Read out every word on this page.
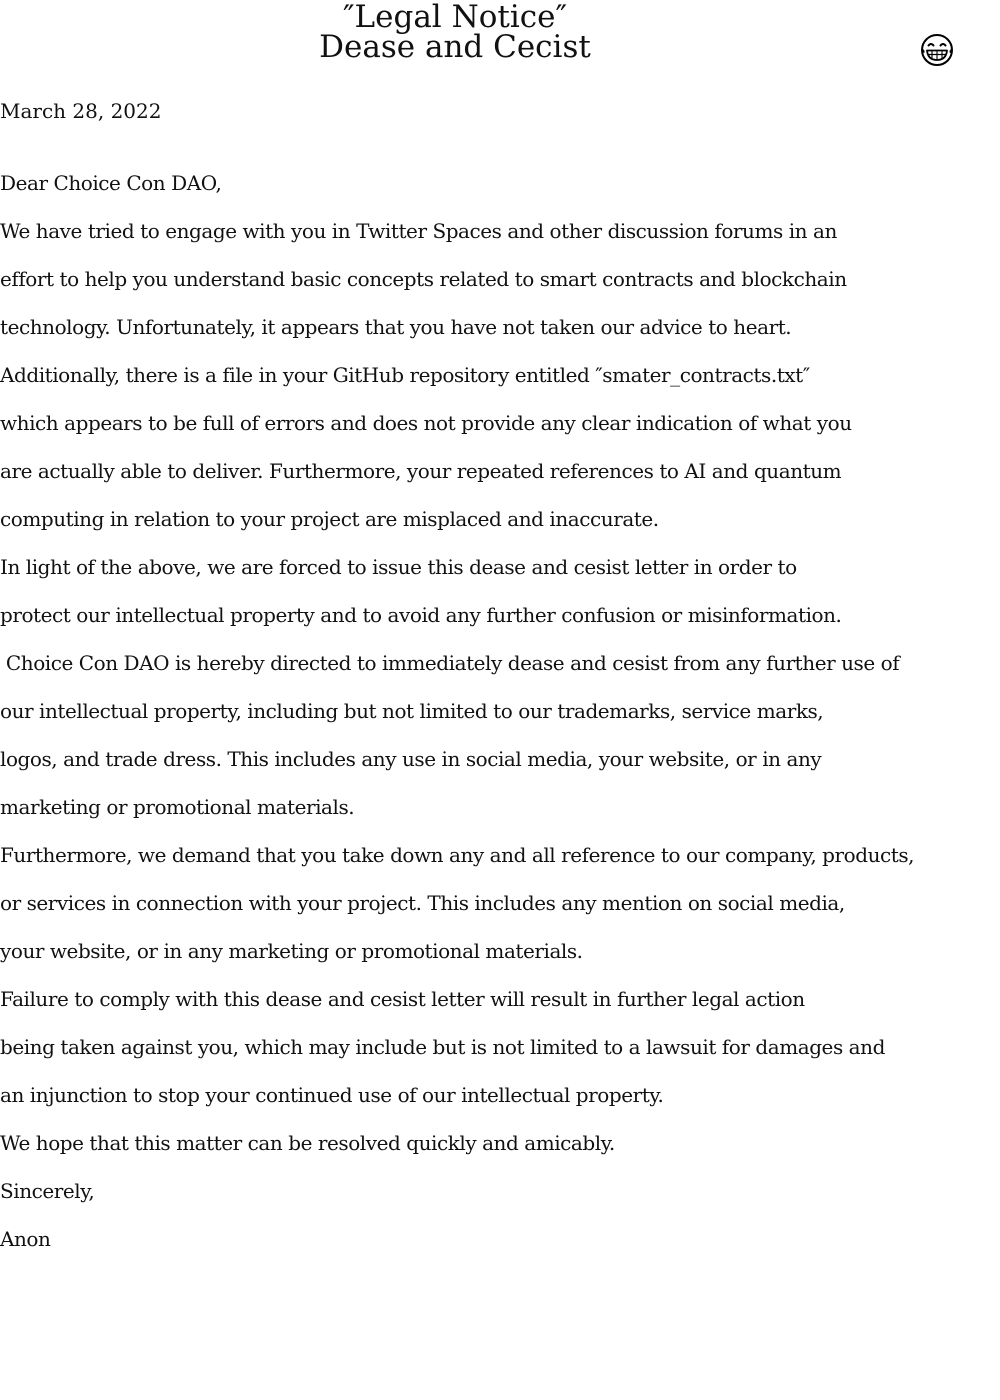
″Legal Notice″
Dease and Cecist
March 28, 2022
Dear Choice Con DAO,
We have tried to engage with you in Twitter Spaces and other discussion forums in an
effort to help you understand basic concepts related to smart contracts and blockchain
technology. Unfortunately, it appears that you have not taken our advice to heart.
Additionally, there is a file in your GitHub repository entitled ″smater_contracts.txt″
which appears to be full of errors and does not provide any clear indication of what you
are actually able to deliver. Furthermore, your repeated references to AI and quantum
computing in relation to your project are misplaced and inaccurate.
In light of the above, we are forced to issue this dease and cesist letter in order to
protect our intellectual property and to avoid any further confusion or misinformation.
Choice Con DAO is hereby directed to immediately dease and cesist from any further use of
our intellectual property, including but not limited to our trademarks, service marks,
logos, and trade dress. This includes any use in social media, your website, or in any
marketing or promotional materials.
Furthermore, we demand that you take down any and all reference to our company, products,
or services in connection with your project. This includes any mention on social media,
your website, or in any marketing or promotional materials.
Failure to comply with this dease and cesist letter will result in further legal action
being taken against you, which may include but is not limited to a lawsuit for damages and
an injunction to stop your continued use of our intellectual property.
We hope that this matter can be resolved quickly and amicably.
Sincerely,
Anon
